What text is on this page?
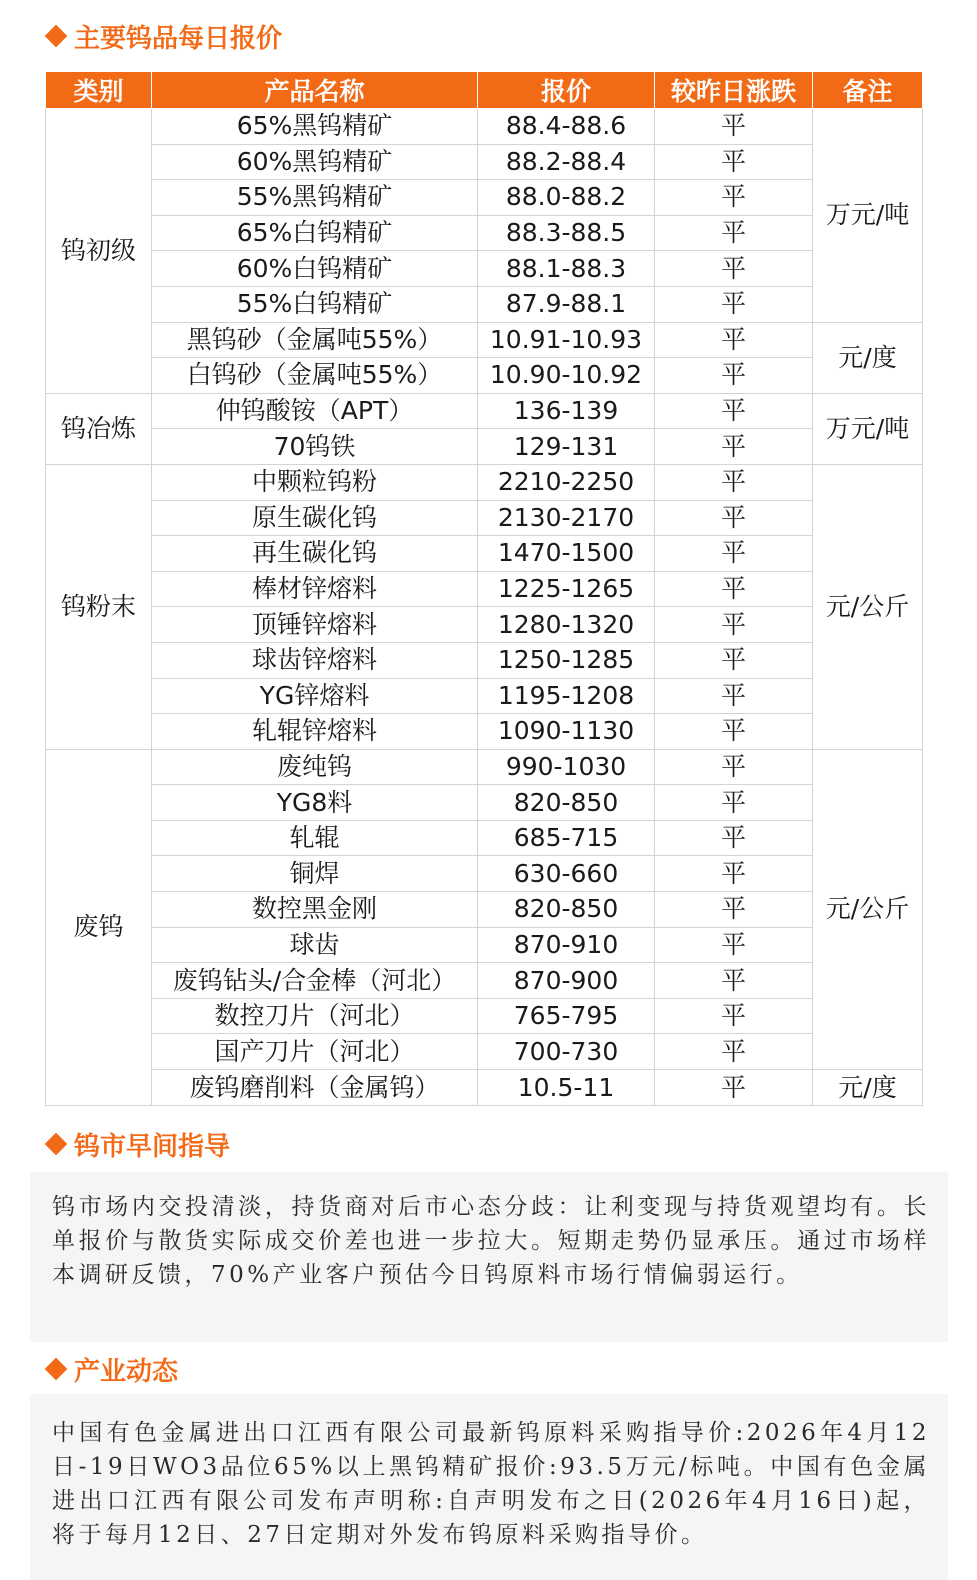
主要钨品每日报价
类别	产品名称	报价	较昨日涨跌	备注
钨初级	65%黑钨精矿	88.4-88.6	平	万元/吨
	60%黑钨精矿	88.2-88.4	平	
	55%黑钨精矿	88.0-88.2	平	
	65%白钨精矿	88.3-88.5	平	
	60%白钨精矿	88.1-88.3	平	
	55%白钨精矿	87.9-88.1	平	
	黑钨砂（金属吨55%）	10.91-10.93	平	元/度
	白钨砂（金属吨55%）	10.90-10.92	平	
钨冶炼	仲钨酸铵（APT）	136-139	平	万元/吨
	70钨铁	129-131	平	
钨粉末	中颗粒钨粉	2210-2250	平	元/公斤
	原生碳化钨	2130-2170	平	
	再生碳化钨	1470-1500	平	
	棒材锌熔料	1225-1265	平	
	顶锤锌熔料	1280-1320	平	
	球齿锌熔料	1250-1285	平	
	YG锌熔料	1195-1208	平	
	轧辊锌熔料	1090-1130	平	
废钨	废纯钨	990-1030	平	元/公斤
	YG8料	820-850	平	
	轧辊	685-715	平	
	铜焊	630-660	平	
	数控黑金刚	820-850	平	
	球齿	870-910	平	
	废钨钻头/合金棒（河北）	870-900	平	
	数控刀片（河北）	765-795	平	
	国产刀片（河北）	700-730	平	
	废钨磨削料（金属钨）	10.5-11	平	元/度
钨市早间指导

钨市场内交投清淡，持货商对后市心态分歧：让利变现与持货观望均有。长单报价与散货实际成交价差也进一步拉大。短期走势仍显承压。通过市场样本调研反馈，70%产业客户预估今日钨原料市场行情偏弱运行。

产业动态

中国有色金属进出口江西有限公司最新钨原料采购指导价:2026年4月12日-19日WO3品位65%以上黑钨精矿报价:93.5万元/标吨。中国有色金属进出口江西有限公司发布声明称:自声明发布之日(2026年4月16日)起，将于每月12日、27日定期对外发布钨原料采购指导价。
